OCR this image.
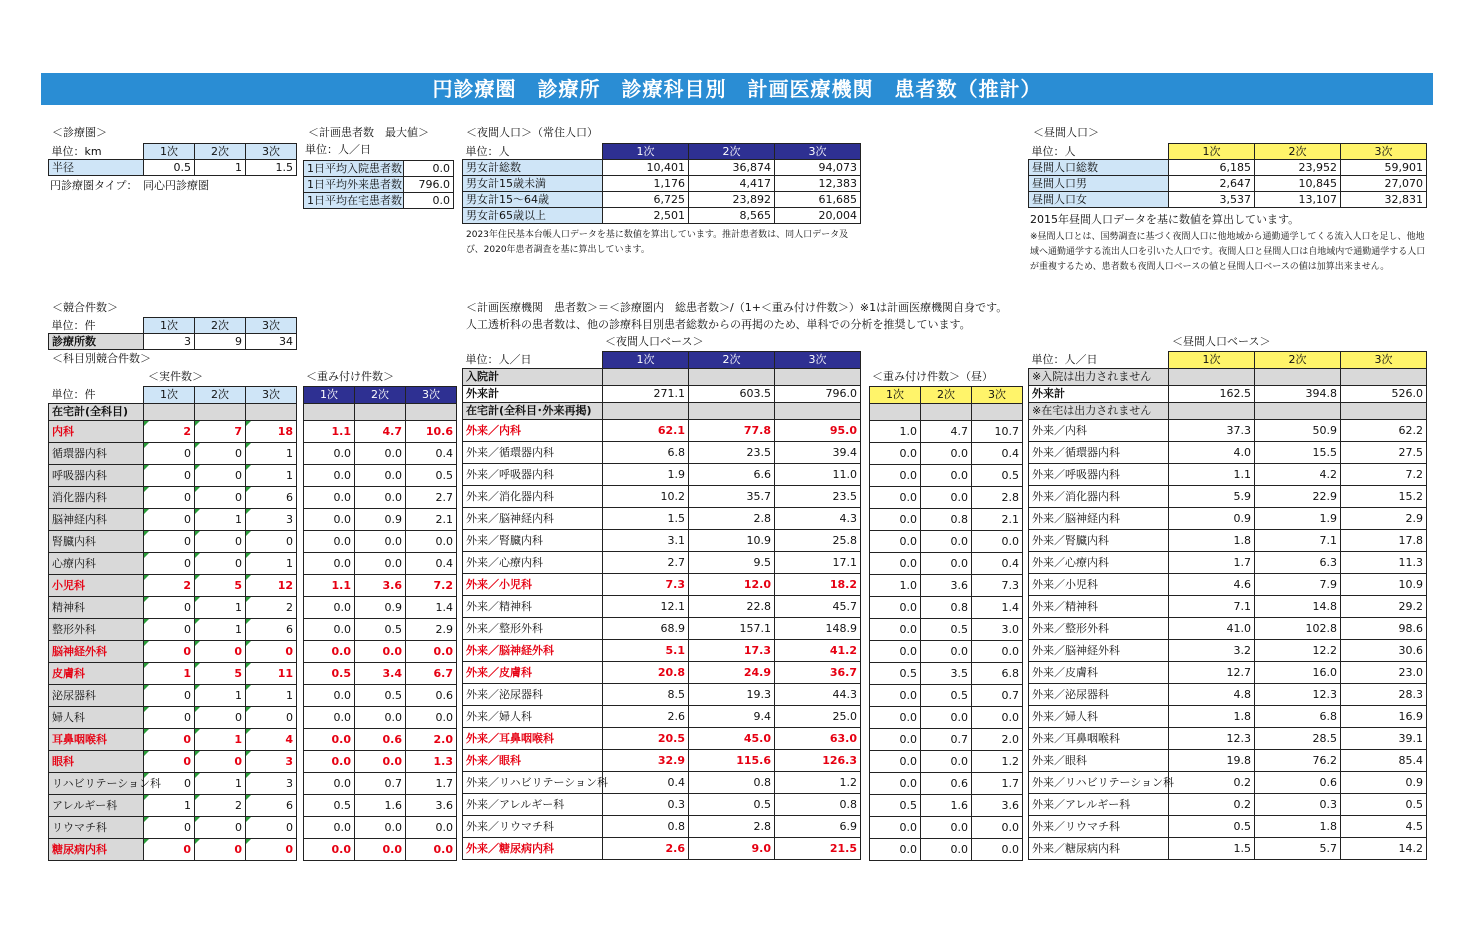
円診療圏　診療所　診療科目別　計画医療機関　患者数（推計）
＜診療圏＞
単位：km	1次	2次	3次
半径	0.5	1	1.5
円診療圏タイプ：　同心円診療圏
＜計画患者数　最大値＞
単位：人／日
1日平均入院患者数	0.0
1日平均外来患者数	796.0
1日平均在宅患者数	0.0
＜夜間人口＞（常住人口）
単位：人	1次	2次	3次
男女計総数	10,401	36,874	94,073
男女計15歳未満	1,176	4,417	12,383
男女計15～64歳	6,725	23,892	61,685
男女計65歳以上	2,501	8,565	20,004
2023年住民基本台帳人口データを基に数値を算出しています。推計患者数は、同人口データ及び、2020年患者調査を基に算出しています。
＜昼間人口＞
単位：人	1次	2次	3次
昼間人口総数	6,185	23,952	59,901
昼間人口男	2,647	10,845	27,070
昼間人口女	3,537	13,107	32,831
2015年昼間人口データを基に数値を算出しています。
※昼間人口とは、国勢調査に基づく夜間人口に他地域から通勤通学してくる流入人口を足し、他地域へ通勤通学する流出人口を引いた人口です。夜間人口と昼間人口は自地域内で通勤通学する人口が重複するため、患者数も夜間人口ベースの値と昼間人口ベースの値は加算出来ません。
＜競合件数＞
単位：件	1次	2次	3次
診療所数	3	9	34
＜科目別競合件数＞
＜計画医療機関　患者数＞＝＜診療圏内　総患者数＞/（1+＜重み付け件数＞）※1は計画医療機関自身です。
人工透析科の患者数は、他の診療科目別患者総数からの再掲のため、単科での分析を推奨しています。
＜実件数＞	＜重み付け件数＞
＜夜間人口ベース＞
＜重み付け件数＞（昼）
＜昼間人口ベース＞
単位：件	1次	2次	3次
在宅計(全科目)			
内科	2	7	18
循環器内科	0	0	1
呼吸器内科	0	0	1
消化器内科	0	0	6
脳神経内科	0	1	3
腎臓内科	0	0	0
心療内科	0	0	1
小児科	2	5	12
精神科	0	1	2
整形外科	0	1	6
脳神経外科	0	0	0
皮膚科	1	5	11
泌尿器科	0	1	1
婦人科	0	0	0
耳鼻咽喉科	0	1	4
眼科	0	0	3
リハビリテーション科	0	1	3
アレルギー科	1	2	6
リウマチ科	0	0	0
糖尿病内科	0	0	0
1次	2次	3次

1.1	4.7	10.6
0.0	0.0	0.4
0.0	0.0	0.5
0.0	0.0	2.7
0.0	0.9	2.1
0.0	0.0	0.0
0.0	0.0	0.4
1.1	3.6	7.2
0.0	0.9	1.4
0.0	0.5	2.9
0.0	0.0	0.0
0.5	3.4	6.7
0.0	0.5	0.6
0.0	0.0	0.0
0.0	0.6	2.0
0.0	0.0	1.3
0.0	0.7	1.7
0.5	1.6	3.6
0.0	0.0	0.0
0.0	0.0	0.0
単位：人／日	1次	2次	3次
入院計			
外来計	271.1	603.5	796.0
在宅計(全科目･外来再掲)			
外来／内科	62.1	77.8	95.0
外来／循環器内科	6.8	23.5	39.4
外来／呼吸器内科	1.9	6.6	11.0
外来／消化器内科	10.2	35.7	23.5
外来／脳神経内科	1.5	2.8	4.3
外来／腎臓内科	3.1	10.9	25.8
外来／心療内科	2.7	9.5	17.1
外来／小児科	7.3	12.0	18.2
外来／精神科	12.1	22.8	45.7
外来／整形外科	68.9	157.1	148.9
外来／脳神経外科	5.1	17.3	41.2
外来／皮膚科	20.8	24.9	36.7
外来／泌尿器科	8.5	19.3	44.3
外来／婦人科	2.6	9.4	25.0
外来／耳鼻咽喉科	20.5	45.0	63.0
外来／眼科	32.9	115.6	126.3
外来／リハビリテーション科	0.4	0.8	1.2
外来／アレルギー科	0.3	0.5	0.8
外来／リウマチ科	0.8	2.8	6.9
外来／糖尿病内科	2.6	9.0	21.5
1次	2次	3次

1.0	4.7	10.7
0.0	0.0	0.4
0.0	0.0	0.5
0.0	0.0	2.8
0.0	0.8	2.1
0.0	0.0	0.0
0.0	0.0	0.4
1.0	3.6	7.3
0.0	0.8	1.4
0.0	0.5	3.0
0.0	0.0	0.0
0.5	3.5	6.8
0.0	0.5	0.7
0.0	0.0	0.0
0.0	0.7	2.0
0.0	0.0	1.2
0.0	0.6	1.7
0.5	1.6	3.6
0.0	0.0	0.0
0.0	0.0	0.0
単位：人／日	1次	2次	3次
※入院は出力されません			
外来計	162.5	394.8	526.0
※在宅は出力されません			
外来／内科	37.3	50.9	62.2
外来／循環器内科	4.0	15.5	27.5
外来／呼吸器内科	1.1	4.2	7.2
外来／消化器内科	5.9	22.9	15.2
外来／脳神経内科	0.9	1.9	2.9
外来／腎臓内科	1.8	7.1	17.8
外来／心療内科	1.7	6.3	11.3
外来／小児科	4.6	7.9	10.9
外来／精神科	7.1	14.8	29.2
外来／整形外科	41.0	102.8	98.6
外来／脳神経外科	3.2	12.2	30.6
外来／皮膚科	12.7	16.0	23.0
外来／泌尿器科	4.8	12.3	28.3
外来／婦人科	1.8	6.8	16.9
外来／耳鼻咽喉科	12.3	28.5	39.1
外来／眼科	19.8	76.2	85.4
外来／リハビリテーション科	0.2	0.6	0.9
外来／アレルギー科	0.2	0.3	0.5
外来／リウマチ科	0.5	1.8	4.5
外来／糖尿病内科	1.5	5.7	14.2
